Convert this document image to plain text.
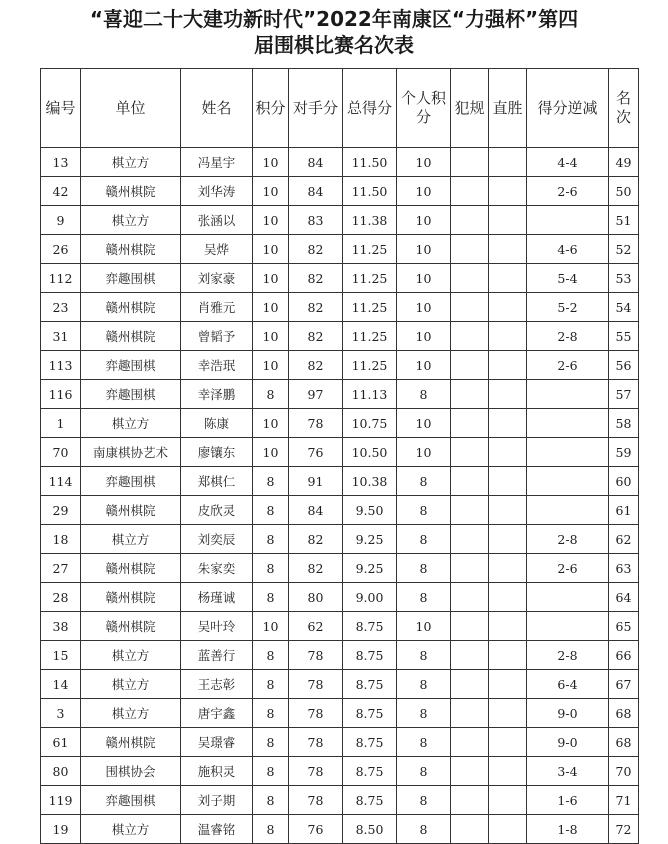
“喜迎二十大建功新时代”2022年南康区“力强杯”第四
届围棋比赛名次表
编号	单位	姓名	积分	对手分	总得分	个人积分	犯规	直胜	得分逆减	名次
13	棋立方	冯星宇	10	84	11.50	10			4-4	49
42	赣州棋院	刘华涛	10	84	11.50	10			2-6	50
9	棋立方	张涵以	10	83	11.38	10				51
26	赣州棋院	吴烨	10	82	11.25	10			4-6	52
112	弈趣围棋	刘家豪	10	82	11.25	10			5-4	53
23	赣州棋院	肖雅元	10	82	11.25	10			5-2	54
31	赣州棋院	曾韬予	10	82	11.25	10			2-8	55
113	弈趣围棋	幸浩珉	10	82	11.25	10			2-6	56
116	弈趣围棋	幸泽鹏	8	97	11.13	8				57
1	棋立方	陈康	10	78	10.75	10				58
70	南康棋协艺术	廖镶东	10	76	10.50	10				59
114	弈趣围棋	郑棋仁	8	91	10.38	8				60
29	赣州棋院	皮欣灵	8	84	9.50	8				61
18	棋立方	刘奕辰	8	82	9.25	8			2-8	62
27	赣州棋院	朱家奕	8	82	9.25	8			2-6	63
28	赣州棋院	杨瑾诚	8	80	9.00	8				64
38	赣州棋院	吴叶玲	10	62	8.75	10				65
15	棋立方	蓝善行	8	78	8.75	8			2-8	66
14	棋立方	王志彰	8	78	8.75	8			6-4	67
3	棋立方	唐宇鑫	8	78	8.75	8			9-0	68
61	赣州棋院	吴璟睿	8	78	8.75	8			9-0	68
80	围棋协会	施积灵	8	78	8.75	8			3-4	70
119	弈趣围棋	刘子期	8	78	8.75	8			1-6	71
19	棋立方	温睿铭	8	76	8.50	8			1-8	72
